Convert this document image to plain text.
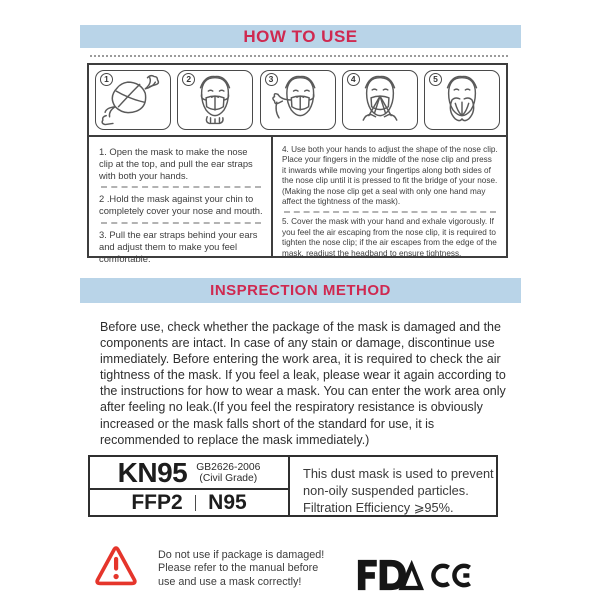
HOW TO USE
1	2	3	4	5
1. Open the mask to make the nose clip at the top, and pull the ear straps with both your hands.
2 .Hold the mask against your chin to completely cover your nose and mouth.
3. Pull the ear straps behind your ears and adjust them to make you feel comfortable.
4. Use both your hands to adjust the shape of the nose clip. Place your fingers in the middle of the nose clip and press it inwards while moving your fingertips along both sides of the nose clip until it is pressed to fit the bridge of your nose.
(Making the nose clip get a seal with only one hand may affect the tightness of the mask).
5. Cover the mask with your hand and exhale vigorously. If you feel the air escaping from the nose clip, it is required to tighten the nose clip; if the air escapes from the edge of the mask, readjust the headband to ensure tightness.
INSPRECTION METHOD
Before use, check whether the package of the mask is damaged and the components are intact. In case of any stain or damage, discontinue use immediately. Before entering the work area, it is required to check the air tightness of the mask. If you feel a leak, please wear it again according to the instructions for how to wear a mask. You can enter the work area only after feeling no leak.(If you feel the respiratory resistance is obviously increased or the mask falls short of the standard for use, it is recommended to replace the mask immediately.)
KN95 GB2626-2006
(Civil Grade)
FFP2 N95
This dust mask is used to prevent
non-oily suspended particles.
Filtration Efficiency ⩾95%.
Do not use if package is damaged!
Please refer to the manual before
use and use a mask correctly!
